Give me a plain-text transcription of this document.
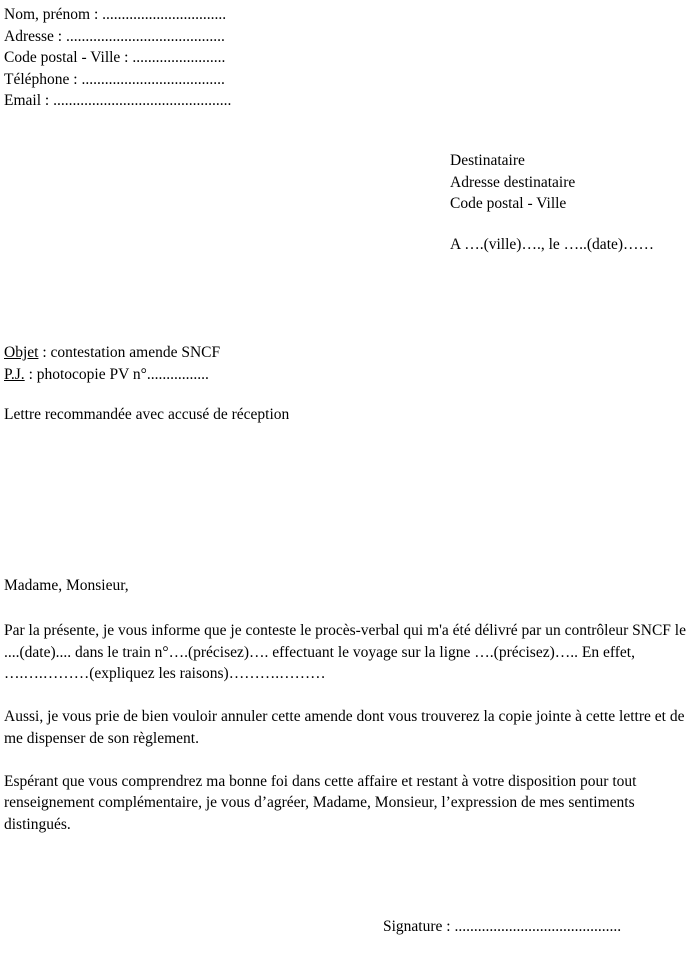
Nom, prénom : ................................
Adresse : .........................................
Code postal - Ville : ........................
Téléphone : .....................................
Email : ..............................................
Destinataire
Adresse destinataire
Code postal - Ville
A ….(ville)…., le …..(date)……
Objet : contestation amende SNCF
P.J. : photocopie PV n°................
Lettre recommandée avec accusé de réception
Madame, Monsieur,

Par la présente, je vous informe que je conteste le procès-verbal qui m'a été délivré par un contrôleur SNCF le ....(date).... dans le train n°….(précisez)…. effectuant le voyage sur la ligne ….(précisez)….. En effet, ….….………(expliquez les raisons)……….………

Aussi, je vous prie de bien vouloir annuler cette amende dont vous trouverez la copie jointe à cette lettre et de me dispenser de son règlement.

Espérant que vous comprendrez ma bonne foi dans cette affaire et restant à votre disposition pour tout renseignement complémentaire, je vous d’agréer, Madame, Monsieur, l’expression de mes sentiments distingués.

Signature : ...........................................
